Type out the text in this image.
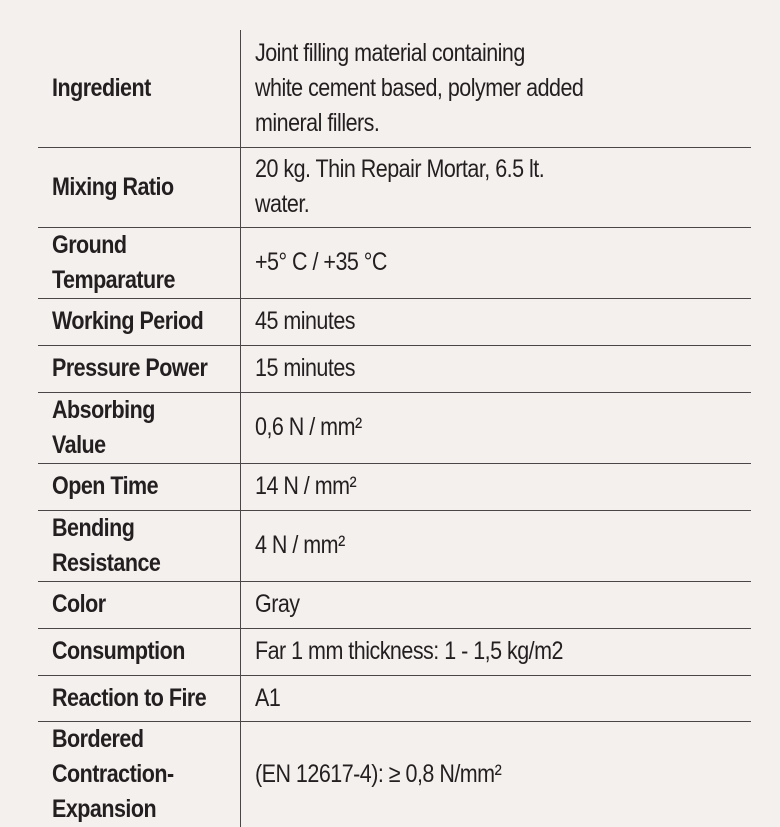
Ingredient	Joint filling material containing
white cement based, polymer added
mineral fillers.
Mixing Ratio	20 kg. Thin Repair Mortar, 6.5 lt.
water.
Ground Temparature	+5° C / +35 °C
Working Period	45 minutes
Pressure Power	15 minutes
Absorbing Value	0,6 N / mm²
Open Time	14 N / mm²
Bending Resistance	4 N / mm²
Color	Gray
Consumption	Far 1 mm thickness: 1 - 1,5 kg/m2
Reaction to Fire	A1
Bordered
Contraction-Expansion	(EN 12617-4): ≥ 0,8 N/mm²
